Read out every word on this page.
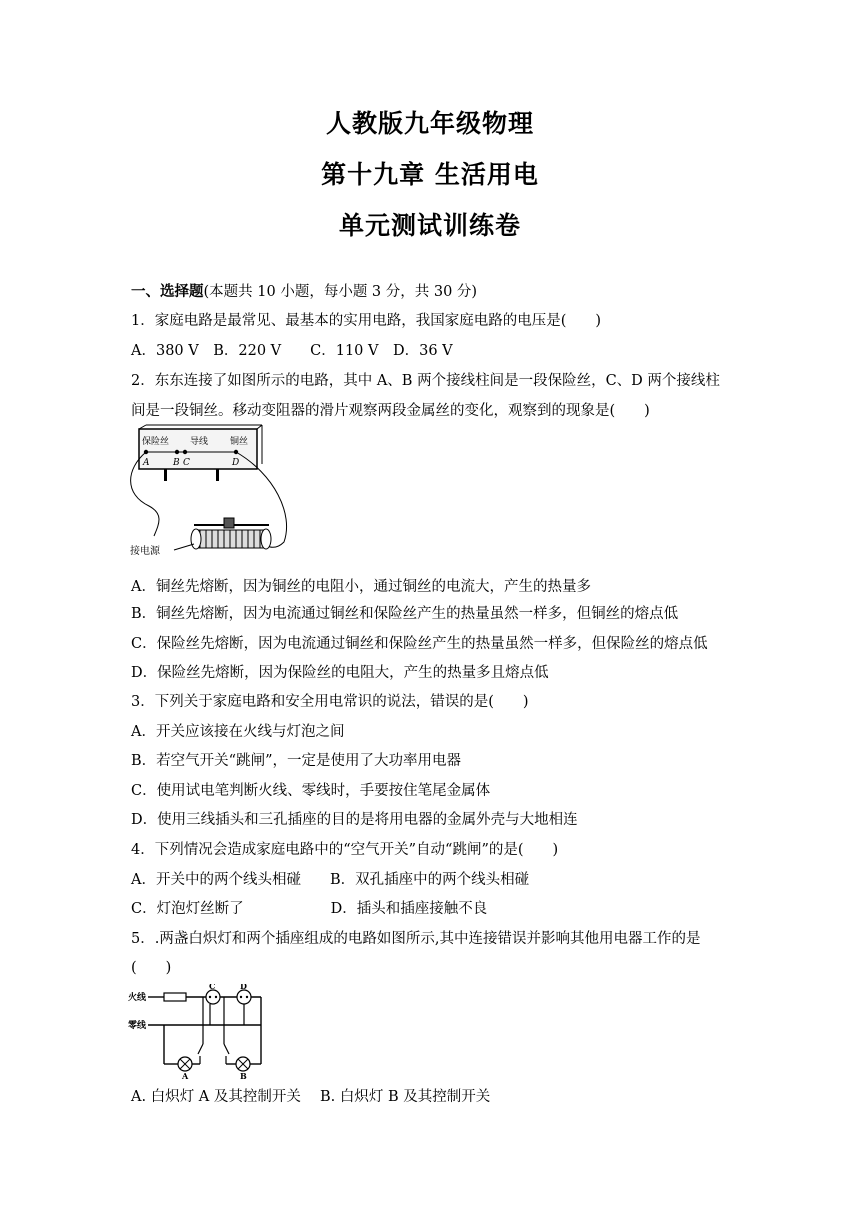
人教版九年级物理
第十九章 生活用电
单元测试训练卷
一、选择题(本题共 10 小题，每小题 3 分，共 30 分)
1．家庭电路是最常见、最基本的实用电路，我国家庭电路的电压是(　　)
A．380 V　B．220 V　　C．110 V　D．36 V
2．东东连接了如图所示的电路，其中 A、B 两个接线柱间是一段保险丝，C、D 两个接线柱
间是一段铜丝。移动变阻器的滑片观察两段金属丝的变化，观察到的现象是(　　)
保险丝 导线 铜丝
A	B C	D
接电源
A．铜丝先熔断，因为铜丝的电阻小，通过铜丝的电流大，产生的热量多
B．铜丝先熔断，因为电流通过铜丝和保险丝产生的热量虽然一样多，但铜丝的熔点低
C．保险丝先熔断，因为电流通过铜丝和保险丝产生的热量虽然一样多，但保险丝的熔点低
D．保险丝先熔断，因为保险丝的电阻大，产生的热量多且熔点低
3．下列关于家庭电路和安全用电常识的说法，错误的是(　　)
A．开关应该接在火线与灯泡之间
B．若空气开关“跳闸”，一定是使用了大功率用电器
C．使用试电笔判断火线、零线时，手要按住笔尾金属体
D．使用三线插头和三孔插座的目的是将用电器的金属外壳与大地相连
4．下列情况会造成家庭电路中的“空气开关”自动“跳闸”的是(　　)
A．开关中的两个线头相碰　　B．双孔插座中的两个线头相碰
C．灯泡灯丝断了　　　　　　D．插头和插座接触不良
5．.两盏白炽灯和两个插座组成的电路如图所示,其中连接错误并影响其他用电器工作的是
(　　)
火线
零线
C	D
A	B
A. 白炽灯 A 及其控制开关　 B. 白炽灯 B 及其控制开关
